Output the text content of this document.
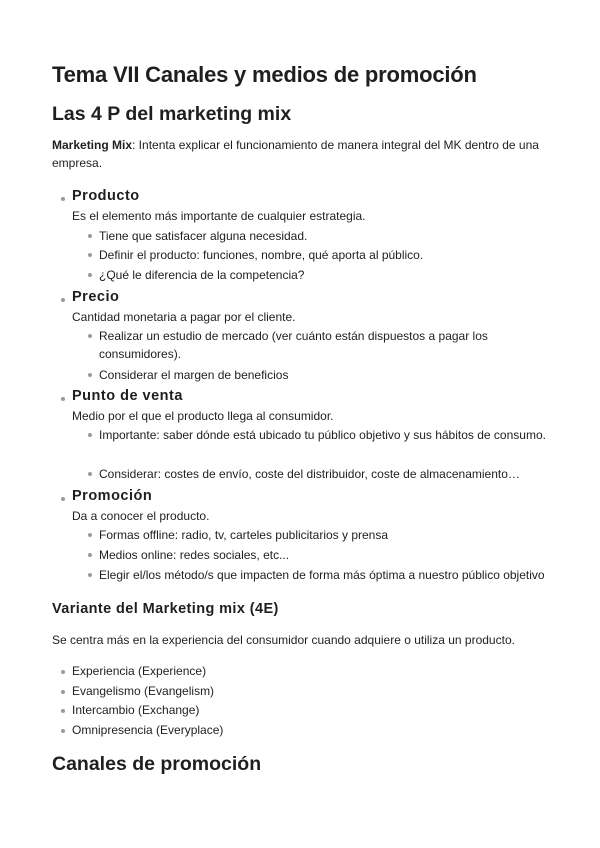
Tema VII Canales y medios de promoción
Las 4 P del marketing mix

Marketing Mix: Intenta explicar el funcionamiento de manera integral del MK dentro de una empresa.

Producto
Es el elemento más importante de cualquier estrategia.
Tiene que satisfacer alguna necesidad.
Definir el producto: funciones, nombre, qué aporta al público.
¿Qué le diferencia de la competencia?
Precio
Cantidad monetaria a pagar por el cliente.
Realizar un estudio de mercado (ver cuánto están dispuestos a pagar los consumidores).
Considerar el margen de beneficios
Punto de venta
Medio por el que el producto llega al consumidor.
Importante: saber dónde está ubicado tu público objetivo y sus hábitos de consumo.
Considerar: costes de envío, coste del distribuidor, coste de almacenamiento…
Promoción
Da a conocer el producto.
Formas offline: radio, tv, carteles publicitarios y prensa
Medios online: redes sociales, etc...
Elegir el/los método/s que impacten de forma más óptima a nuestro público objetivo
Variante del Marketing mix (4E)

Se centra más en la experiencia del consumidor cuando adquiere o utiliza un producto.

Experiencia (Experience)
Evangelismo (Evangelism)
Intercambio (Exchange)
Omnipresencia (Everyplace)
Canales de promoción
